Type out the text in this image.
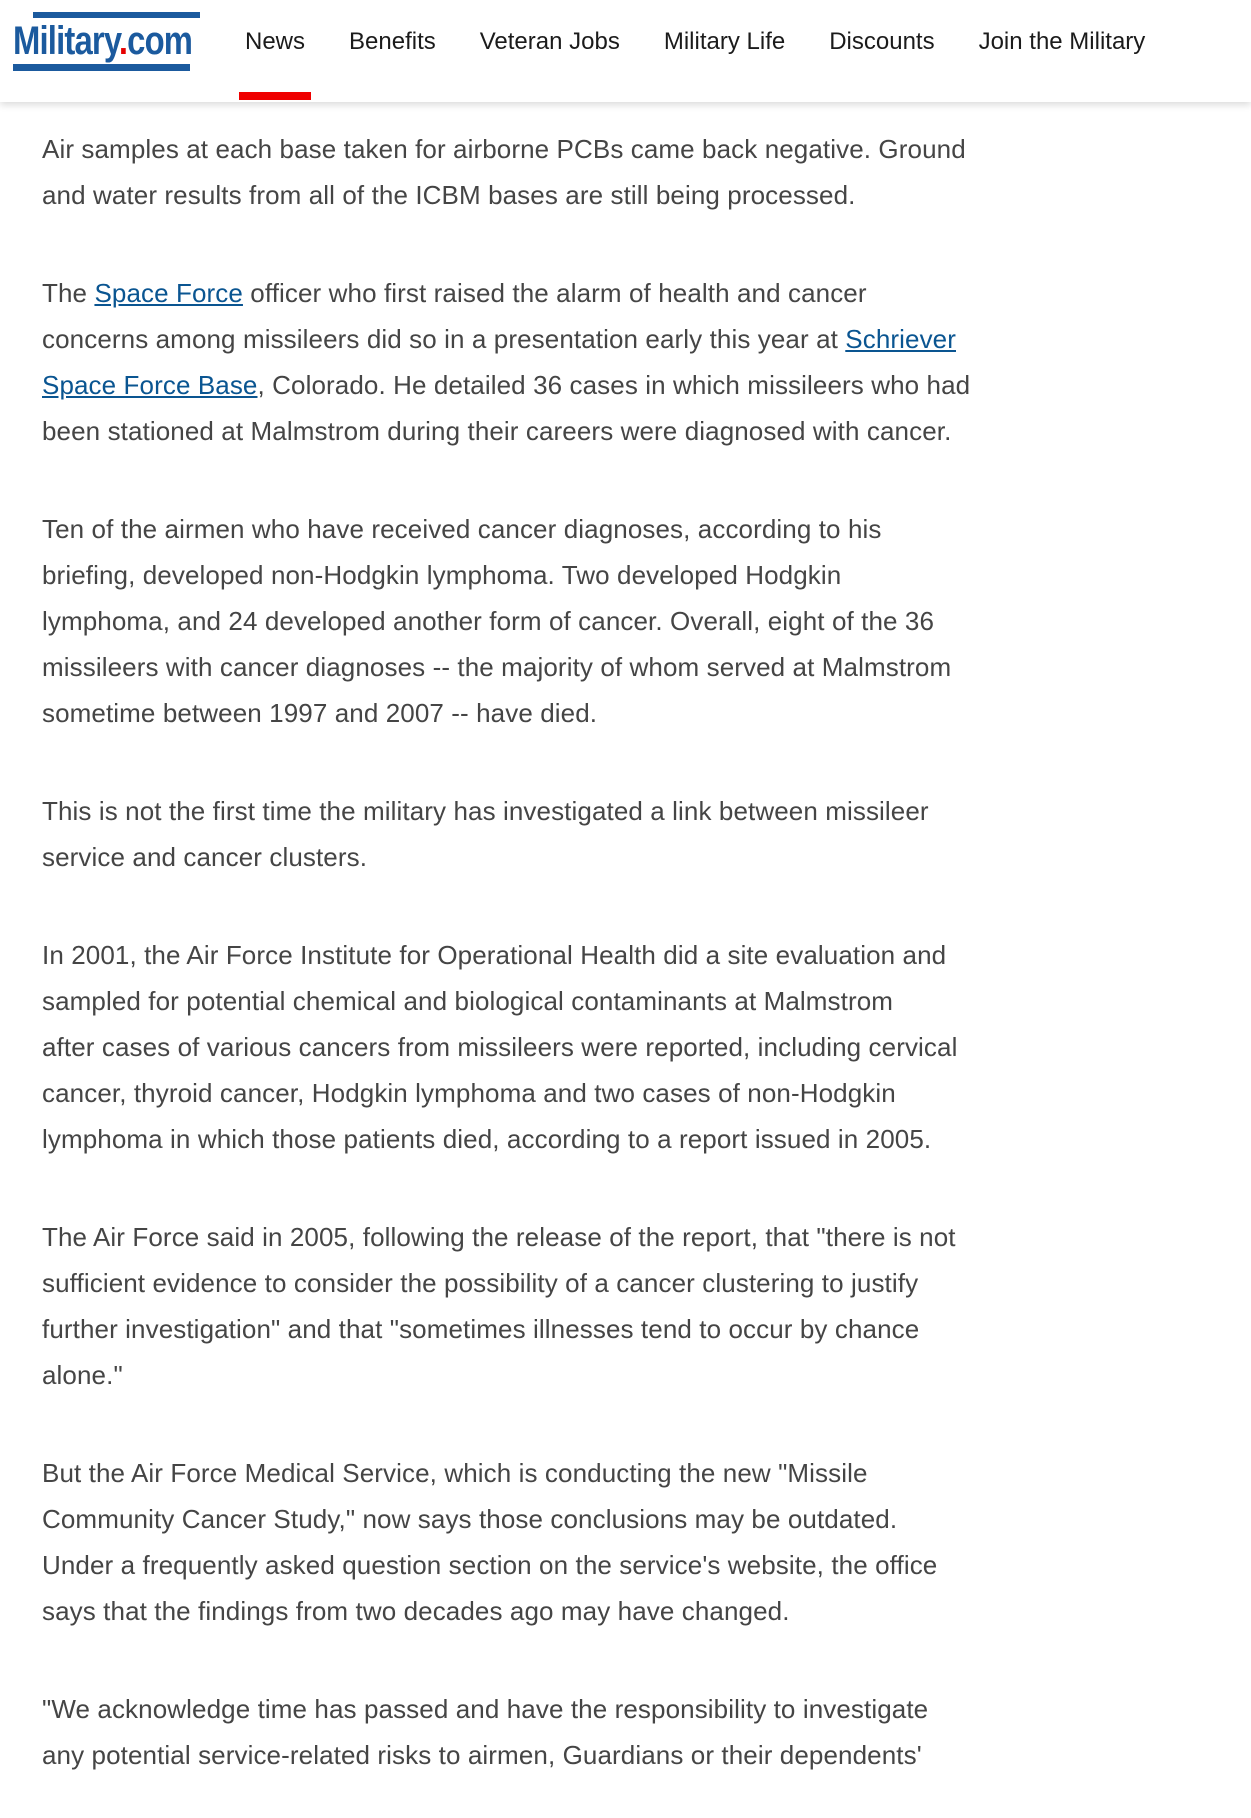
Military.com	News Benefits Veteran Jobs Military Life Discounts Join the Military

Air samples at each base taken for airborne PCBs came back negative. Ground
and water results from all of the ICBM bases are still being processed.

The Space Force officer who first raised the alarm of health and cancer
concerns among missileers did so in a presentation early this year at Schriever
Space Force Base, Colorado. He detailed 36 cases in which missileers who had
been stationed at Malmstrom during their careers were diagnosed with cancer.

Ten of the airmen who have received cancer diagnoses, according to his
briefing, developed non-Hodgkin lymphoma. Two developed Hodgkin
lymphoma, and 24 developed another form of cancer. Overall, eight of the 36
missileers with cancer diagnoses -- the majority of whom served at Malmstrom
sometime between 1997 and 2007 -- have died.

This is not the first time the military has investigated a link between missileer
service and cancer clusters.

In 2001, the Air Force Institute for Operational Health did a site evaluation and
sampled for potential chemical and biological contaminants at Malmstrom
after cases of various cancers from missileers were reported, including cervical
cancer, thyroid cancer, Hodgkin lymphoma and two cases of non-Hodgkin
lymphoma in which those patients died, according to a report issued in 2005.

The Air Force said in 2005, following the release of the report, that "there is not
sufficient evidence to consider the possibility of a cancer clustering to justify
further investigation" and that "sometimes illnesses tend to occur by chance
alone."

But the Air Force Medical Service, which is conducting the new "Missile
Community Cancer Study," now says those conclusions may be outdated.
Under a frequently asked question section on the service's website, the office
says that the findings from two decades ago may have changed.

"We acknowledge time has passed and have the responsibility to investigate
any potential service-related risks to airmen, Guardians or their dependents'
